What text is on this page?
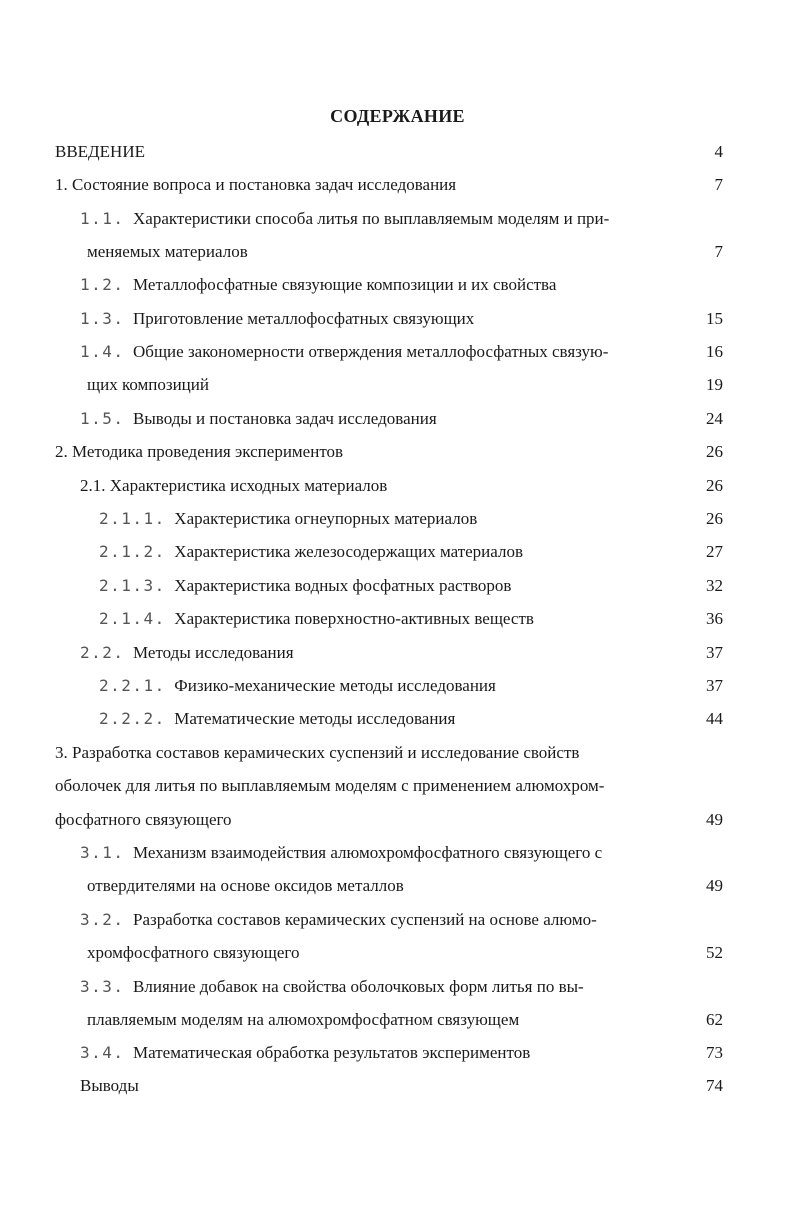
СОДЕРЖАНИЕ
ВВЕДЕНИЕ	4
1. Состояние вопроса и постановка задач исследования	7
1.1. Характеристики способа литья по выплавляемым моделям и при-
меняемых материалов	7
1.2. Металлофосфатные связующие композиции и их свойства
1.3. Приготовление металлофосфатных связующих	15
1.4. Общие закономерности отверждения металлофосфатных связую-	16
щих композиций	19
1.5. Выводы и постановка задач исследования	24
2. Методика проведения экспериментов	26
2.1. Характеристика исходных материалов	26
2.1.1. Характеристика огнеупорных материалов	26
2.1.2. Характеристика железосодержащих материалов	27
2.1.3. Характеристика водных фосфатных растворов	32
2.1.4. Характеристика поверхностно-активных веществ	36
2.2. Методы исследования	37
2.2.1. Физико-механические методы исследования	37
2.2.2. Математические методы исследования	44
3. Разработка составов керамических суспензий и исследование свойств
оболочек для литья по выплавляемым моделям с применением алюмохром-
фосфатного связующего	49
3.1. Механизм взаимодействия алюмохромфосфатного связующего с
отвердителями на основе оксидов металлов	49
3.2. Разработка составов керамических суспензий на основе алюмо-
хромфосфатного связующего	52
3.3. Влияние добавок на свойства оболочковых форм литья по вы-
плавляемым моделям на алюмохромфосфатном связующем	62
3.4. Математическая обработка результатов экспериментов	73
Выводы	74
